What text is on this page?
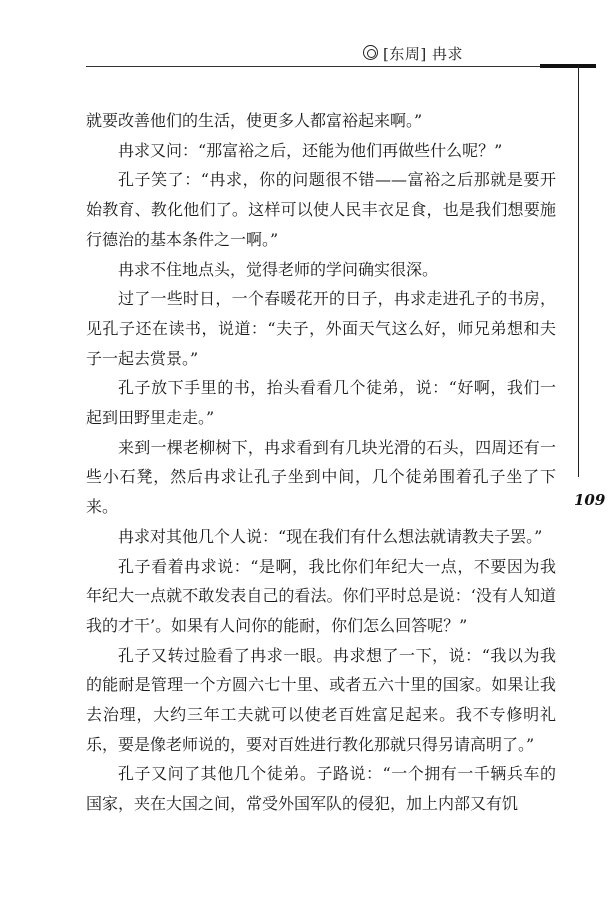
[东周] 冉求
109

就要改善他们的生活，使更多人都富裕起来啊。”

冉求又问：“那富裕之后，还能为他们再做些什么呢？”

孔子笑了：“冉求，你的问题很不错——富裕之后那就是要开始教育、教化他们了。这样可以使人民丰衣足食，也是我们想要施行德治的基本条件之一啊。”

冉求不住地点头，觉得老师的学问确实很深。

过了一些时日，一个春暖花开的日子，冉求走进孔子的书房，见孔子还在读书，说道：“夫子，外面天气这么好，师兄弟想和夫子一起去赏景。”

孔子放下手里的书，抬头看看几个徒弟，说：“好啊，我们一起到田野里走走。”

来到一棵老柳树下，冉求看到有几块光滑的石头，四周还有一些小石凳，然后冉求让孔子坐到中间，几个徒弟围着孔子坐了下来。

冉求对其他几个人说：“现在我们有什么想法就请教夫子罢。”

孔子看着冉求说：“是啊，我比你们年纪大一点，不要因为我年纪大一点就不敢发表自己的看法。你们平时总是说：‘没有人知道我的才干’。如果有人问你的能耐，你们怎么回答呢？”

孔子又转过脸看了冉求一眼。冉求想了一下，说：“我以为我的能耐是管理一个方圆六七十里、或者五六十里的国家。如果让我去治理，大约三年工夫就可以使老百姓富足起来。我不专修明礼乐，要是像老师说的，要对百姓进行教化那就只得另请高明了。”

孔子又问了其他几个徒弟。子路说：“一个拥有一千辆兵车的国家，夹在大国之间，常受外国军队的侵犯，加上内部又有饥
